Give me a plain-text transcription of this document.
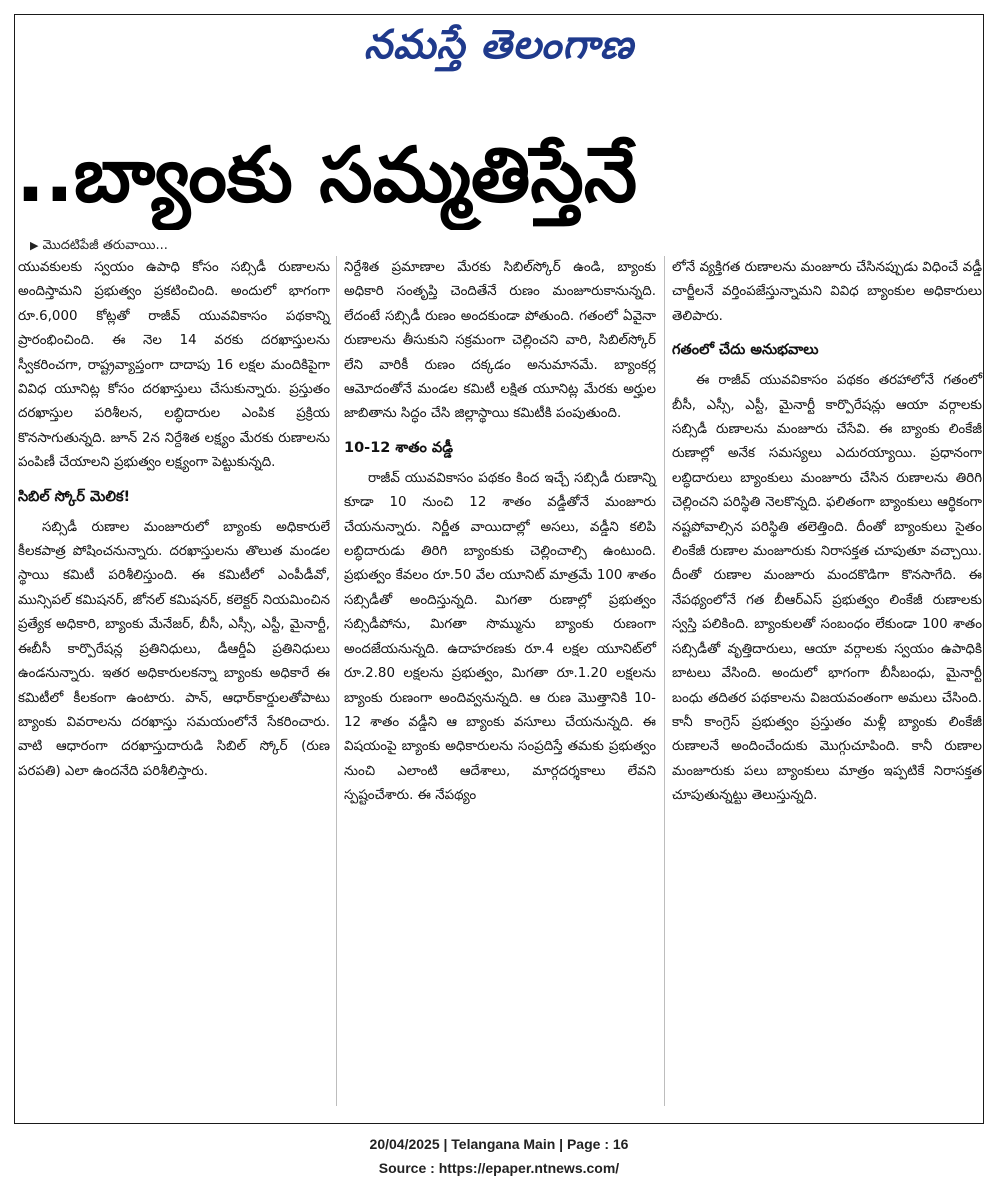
నమస్తే తెలంగాణ
..బ్యాంకు సమ్మతిస్తేనే
▶ మొదటిపేజీ తరువాయి...

యువకులకు స్వయం ఉపాధి కోసం సబ్సిడీ రుణాలను అందిస్తామని ప్రభుత్వం ప్రకటించింది. అందులో భాగంగా రూ.6,000 కోట్లతో రాజీవ్ యువవికాసం పథకాన్ని ప్రారంభించింది. ఈ నెల 14 వరకు దరఖాస్తులను స్వీకరించగా, రాష్ట్రవ్యాప్తంగా దాదాపు 16 లక్షల మందికిపైగా వివిధ యూనిట్ల కోసం దరఖాస్తులు చేసుకున్నారు. ప్రస్తుతం దరఖాస్తుల పరిశీలన, లబ్ధిదారుల ఎంపిక ప్రక్రియ కొనసాగుతున్నది. జూన్ 2న నిర్దేశిత లక్ష్యం మేరకు రుణాలను పంపిణీ చేయాలని ప్రభుత్వం లక్ష్యంగా పెట్టుకున్నది.

సిబిల్ స్కోర్ మెలిక!

సబ్సిడీ రుణాల మంజూరులో బ్యాంకు అధికారులే కీలకపాత్ర పోషించనున్నారు. దరఖాస్తులను తొలుత మండల స్థాయి కమిటీ పరిశీలిస్తుంది. ఈ కమిటీలో ఎంపీడీవో, మున్సిపల్ కమిషనర్, జోనల్ కమిషనర్, కలెక్టర్ నియమించిన ప్రత్యేక అధికారి, బ్యాంకు మేనేజర్, బీసీ, ఎస్సీ, ఎస్టీ, మైనార్టీ, ఈబీసీ కార్పొరేషన్ల ప్రతినిధులు, డీఆర్డీఏ ప్రతినిధులు ఉండనున్నారు. ఇతర అధికారులకన్నా బ్యాంకు అధికారే ఈ కమిటీలో కీలకంగా ఉంటారు. పాన్, ఆధార్‌కార్డులతోపాటు బ్యాంకు వివరాలను దరఖాస్తు సమయంలోనే సేకరించారు. వాటి ఆధారంగా దరఖాస్తుదారుడి సిబిల్ స్కోర్ (రుణ పరపతి) ఎలా ఉందనేది పరిశీలిస్తారు.

నిర్దేశిత ప్రమాణాల మేరకు సిబిల్‌స్కోర్ ఉండి, బ్యాంకు అధికారి సంతృప్తి చెందితేనే రుణం మంజూరుకానున్నది. లేదంటే సబ్సిడీ రుణం అందకుండా పోతుంది. గతంలో ఏవైనా రుణాలను తీసుకుని సక్రమంగా చెల్లించని వారి, సిబిల్‌స్కోర్ లేని వారికీ రుణం దక్కడం అనుమానమే. బ్యాంకర్ల ఆమోదంతోనే మండల కమిటీ లక్షిత యూనిట్ల మేరకు అర్హుల జాబితాను సిద్ధం చేసి జిల్లాస్థాయి కమిటీకి పంపుతుంది.

10-12 శాతం వడ్డీ

రాజీవ్ యువవికాసం పథకం కింద ఇచ్చే సబ్సిడీ రుణాన్ని కూడా 10 నుంచి 12 శాతం వడ్డీతోనే మంజూరు చేయనున్నారు. నిర్ణీత వాయిదాల్లో అసలు, వడ్డీని కలిపి లబ్ధిదారుడు తిరిగి బ్యాంకుకు చెల్లించాల్సి ఉంటుంది. ప్రభుత్వం కేవలం రూ.50 వేల యూనిట్ మాత్రమే 100 శాతం సబ్సిడీతో అందిస్తున్నది. మిగతా రుణాల్లో ప్రభుత్వం సబ్సిడీపోను, మిగతా సొమ్మును బ్యాంకు రుణంగా అందజేయనున్నది. ఉదాహరణకు రూ.4 లక్షల యూనిట్‌లో రూ.2.80 లక్షలను ప్రభుత్వం, మిగతా రూ.1.20 లక్షలను బ్యాంకు రుణంగా అందివ్వనున్నది. ఆ రుణ మొత్తానికి 10-12 శాతం వడ్డీని ఆ బ్యాంకు వసూలు చేయనున్నది. ఈ విషయంపై బ్యాంకు అధికారులను సంప్రదిస్తే తమకు ప్రభుత్వం నుంచి ఎలాంటి ఆదేశాలు, మార్గదర్శకాలు లేవని స్పష్టంచేశారు. ఈ నేపథ్యం

లోనే వ్యక్తిగత రుణాలను మంజూరు చేసినప్పుడు విధించే వడ్డీ చార్జీలనే వర్తింపజేస్తున్నామని వివిధ బ్యాంకుల అధికారులు తెలిపారు.

గతంలో చేదు అనుభవాలు

ఈ రాజీవ్ యువవికాసం పథకం తరహాలోనే గతంలో బీసీ, ఎస్సీ, ఎస్టీ, మైనార్టీ కార్పొరేషన్లు ఆయా వర్గాలకు సబ్సిడీ రుణాలను మంజూరు చేసేవి. ఈ బ్యాంకు లింకేజీ రుణాల్లో అనేక సమస్యలు ఎదురయ్యాయి. ప్రధానంగా లబ్ధిదారులు బ్యాంకులు మంజూరు చేసిన రుణాలను తిరిగి చెల్లించని పరిస్థితి నెలకొన్నది. ఫలితంగా బ్యాంకులు ఆర్థికంగా నష్టపోవాల్సిన పరిస్థితి తలెత్తింది. దీంతో బ్యాంకులు సైతం లింకేజీ రుణాల మంజూరుకు నిరాసక్తత చూపుతూ వచ్చాయి. దీంతో రుణాల మంజూరు మందకొడిగా కొనసాగేది. ఈ నేపథ్యంలోనే గత బీఆర్‌ఎస్ ప్రభుత్వం లింకేజీ రుణాలకు స్వస్తి పలికింది. బ్యాంకులతో సంబంధం లేకుండా 100 శాతం సబ్సిడీతో వృత్తిదారులు, ఆయా వర్గాలకు స్వయం ఉపాధికి బాటలు వేసింది. అందులో భాగంగా బీసీబంధు, మైనార్టీ బంధు తదితర పథకాలను విజయవంతంగా అమలు చేసింది. కానీ కాంగ్రెస్ ప్రభుత్వం ప్రస్తుతం మళ్లీ బ్యాంకు లింకేజీ రుణాలనే అందించేందుకు మొగ్గుచూపింది. కానీ రుణాల మంజూరుకు పలు బ్యాంకులు మాత్రం ఇప్పటికే నిరాసక్తత చూపుతున్నట్టు తెలుస్తున్నది.

20/04/2025 | Telangana Main | Page : 16
Source : https://epaper.ntnews.com/
